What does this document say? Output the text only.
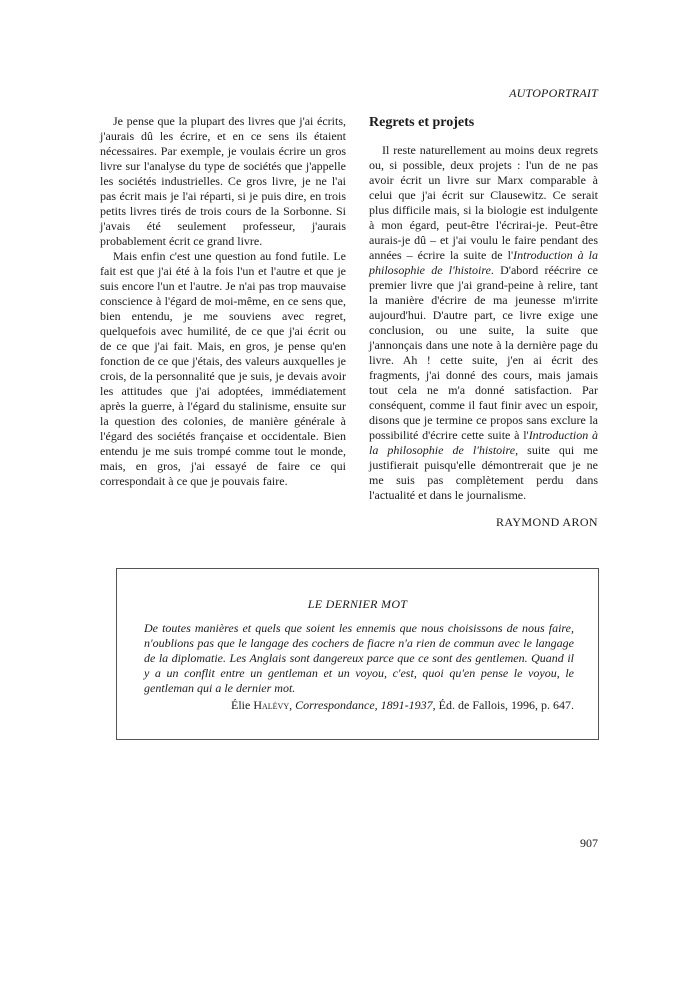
AUTOPORTRAIT

Je pense que la plupart des livres que j'ai écrits, j'aurais dû les écrire, et en ce sens ils étaient nécessaires. Par exemple, je voulais écrire un gros livre sur l'analyse du type de sociétés que j'appelle les sociétés industrielles. Ce gros livre, je ne l'ai pas écrit mais je l'ai réparti, si je puis dire, en trois petits livres tirés de trois cours de la Sorbonne. Si j'avais été seulement professeur, j'aurais probablement écrit ce grand livre.

Mais enfin c'est une question au fond futile. Le fait est que j'ai été à la fois l'un et l'autre et que je suis encore l'un et l'autre. Je n'ai pas trop mauvaise conscience à l'égard de moi-même, en ce sens que, bien entendu, je me souviens avec regret, quelquefois avec humilité, de ce que j'ai écrit ou de ce que j'ai fait. Mais, en gros, je pense qu'en fonction de ce que j'étais, des valeurs auxquelles je crois, de la personnalité que je suis, je devais avoir les attitudes que j'ai adoptées, immédiatement après la guerre, à l'égard du stalinisme, ensuite sur la question des colonies, de manière générale à l'égard des sociétés française et occidentale. Bien entendu je me suis trompé comme tout le monde, mais, en gros, j'ai essayé de faire ce qui correspondait à ce que je pouvais faire.

Regrets et projets

Il reste naturellement au moins deux regrets ou, si possible, deux projets : l'un de ne pas avoir écrit un livre sur Marx comparable à celui que j'ai écrit sur Clausewitz. Ce serait plus difficile mais, si la biologie est indulgente à mon égard, peut-être l'écrirai-je. Peut-être aurais-je dû – et j'ai voulu le faire pendant des années – écrire la suite de l'Introduction à la philosophie de l'histoire. D'abord réécrire ce premier livre que j'ai grand-peine à relire, tant la manière d'écrire de ma jeunesse m'irrite aujourd'hui. D'autre part, ce livre exige une conclusion, ou une suite, la suite que j'annonçais dans une note à la dernière page du livre. Ah ! cette suite, j'en ai écrit des fragments, j'ai donné des cours, mais jamais tout cela ne m'a donné satisfaction. Par conséquent, comme il faut finir avec un espoir, disons que je termine ce propos sans exclure la possibilité d'écrire cette suite à l'Introduction à la philosophie de l'histoire, suite qui me justifierait puisqu'elle démontrerait que je ne me suis pas complètement perdu dans l'actualité et dans le journalisme.

RAYMOND ARON
LE DERNIER MOT
De toutes manières et quels que soient les ennemis que nous choisissons de nous faire, n'oublions pas que le langage des cochers de fiacre n'a rien de commun avec le langage de la diplomatie. Les Anglais sont dangereux parce que ce sont des gentlemen. Quand il y a un conflit entre un gentleman et un voyou, c'est, quoi qu'en pense le voyou, le gentleman qui a le dernier mot.
Élie Halévy, Correspondance, 1891-1937, Éd. de Fallois, 1996, p. 647.
907
